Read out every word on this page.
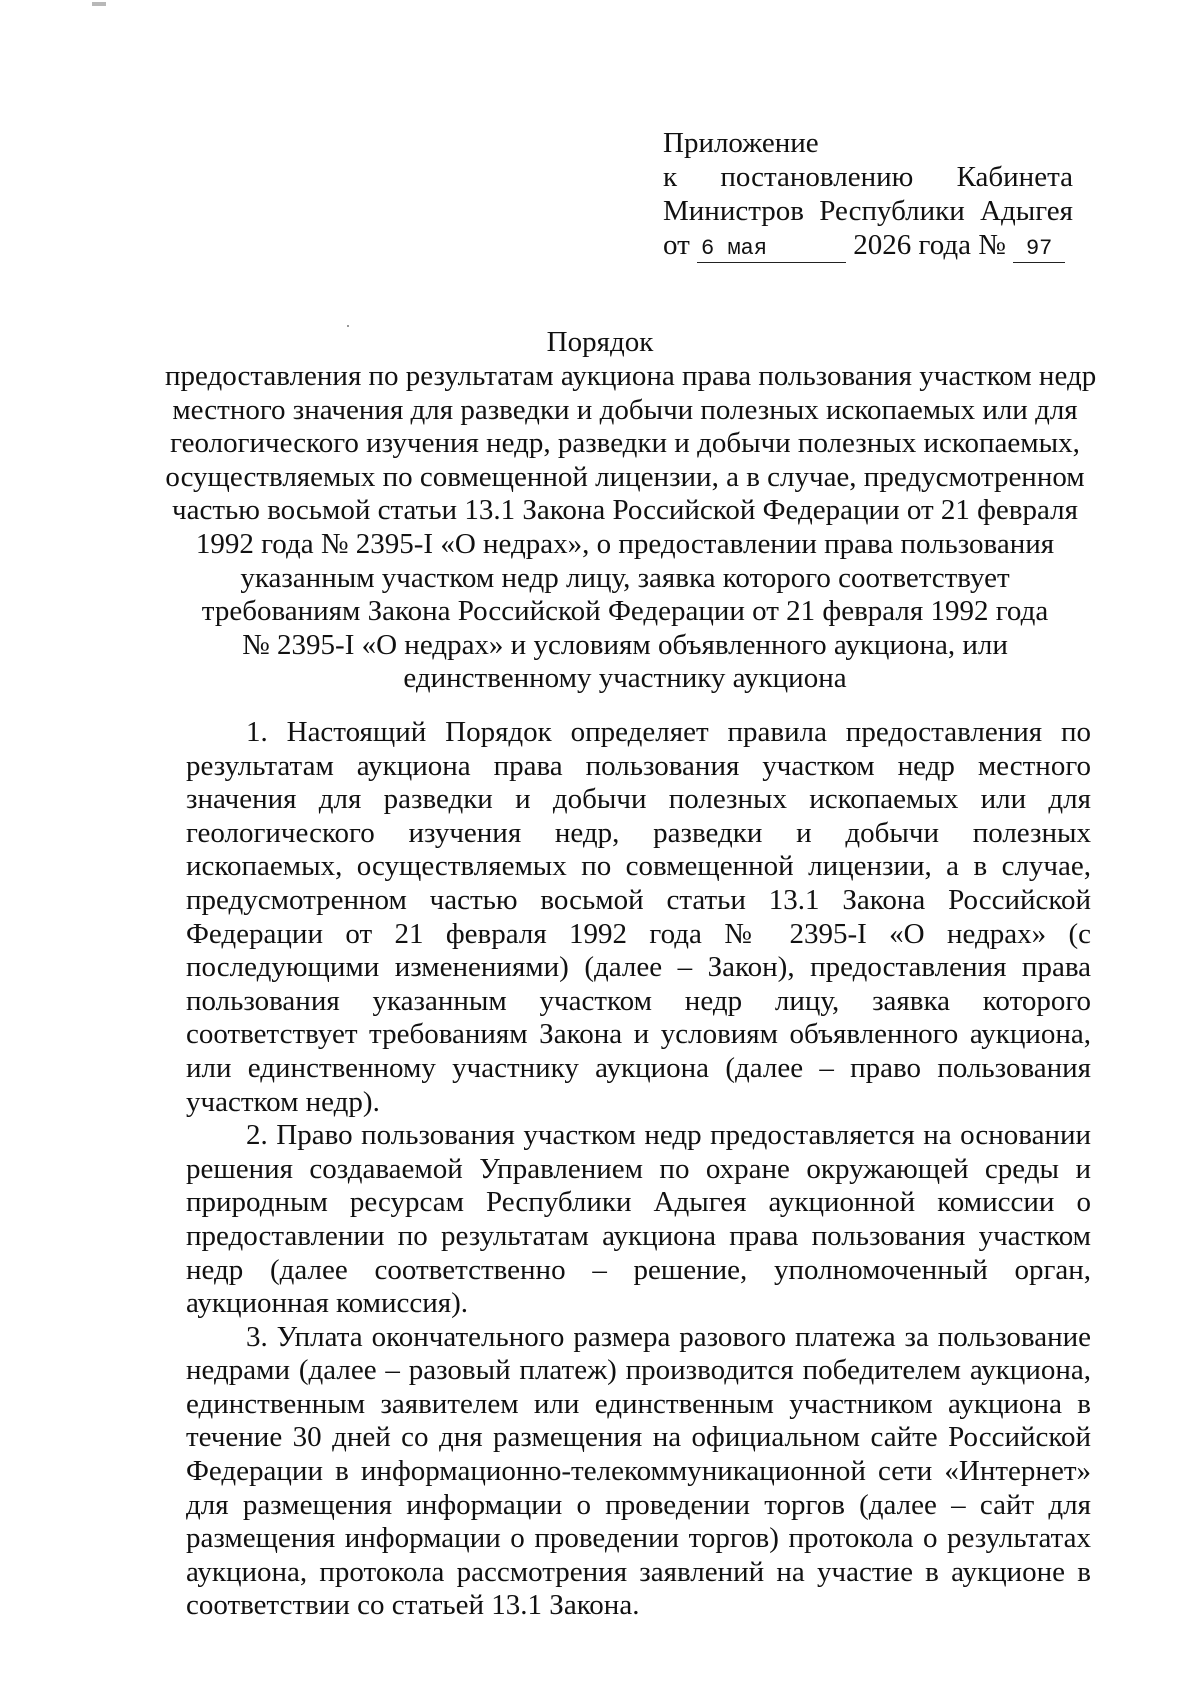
Приложение
к постановлению Кабинета
Министров Республики Адыгея
от 6 мая	2026 года № 97
Порядок
предоставления по результатам аукциона права пользования участком недр
местного значения для разведки и добычи полезных ископаемых или для
геологического изучения недр, разведки и добычи полезных ископаемых,
осуществляемых по совмещенной лицензии, а в случае, предусмотренном
частью восьмой статьи 13.1 Закона Российской Федерации от 21 февраля
1992 года № 2395-I «О недрах», о предоставлении права пользования
указанным участком недр лицу, заявка которого соответствует
требованиям Закона Российской Федерации от 21 февраля 1992 года
№ 2395-I «О недрах» и условиям объявленного аукциона, или
единственному участнику аукциона

1. Настоящий Порядок определяет правила предоставления по результатам аукциона права пользования участком недр местного значения для разведки и добычи полезных ископаемых или для геологического изучения недр, разведки и добычи полезных ископаемых, осуществляемых по совмещенной лицензии, а в случае, предусмотренном частью восьмой статьи 13.1 Закона Российской Федерации от 21 февраля 1992 года № 2395-I «О недрах» (с последующими изменениями) (далее – Закон), предоставления права пользования указанным участком недр лицу, заявка которого соответствует требованиям Закона и условиям объявленного аукциона, или единственному участнику аукциона (далее – право пользования участком недр).

2. Право пользования участком недр предоставляется на основании решения создаваемой Управлением по охране окружающей среды и природным ресурсам Республики Адыгея аукционной комиссии о предоставлении по результатам аукциона права пользования участком недр (далее соответственно – решение, уполномоченный орган, аукционная комиссия).

3. Уплата окончательного размера разового платежа за пользование недрами (далее – разовый платеж) производится победителем аукциона, единственным заявителем или единственным участником аукциона в течение 30 дней со дня размещения на официальном сайте Российской Федерации в информационно-телекоммуникационной сети «Интернет» для размещения информации о проведении торгов (далее – сайт для размещения информации о проведении торгов) протокола о результатах аукциона, протокола рассмотрения заявлений на участие в аукционе в соответствии со статьей 13.1 Закона.
